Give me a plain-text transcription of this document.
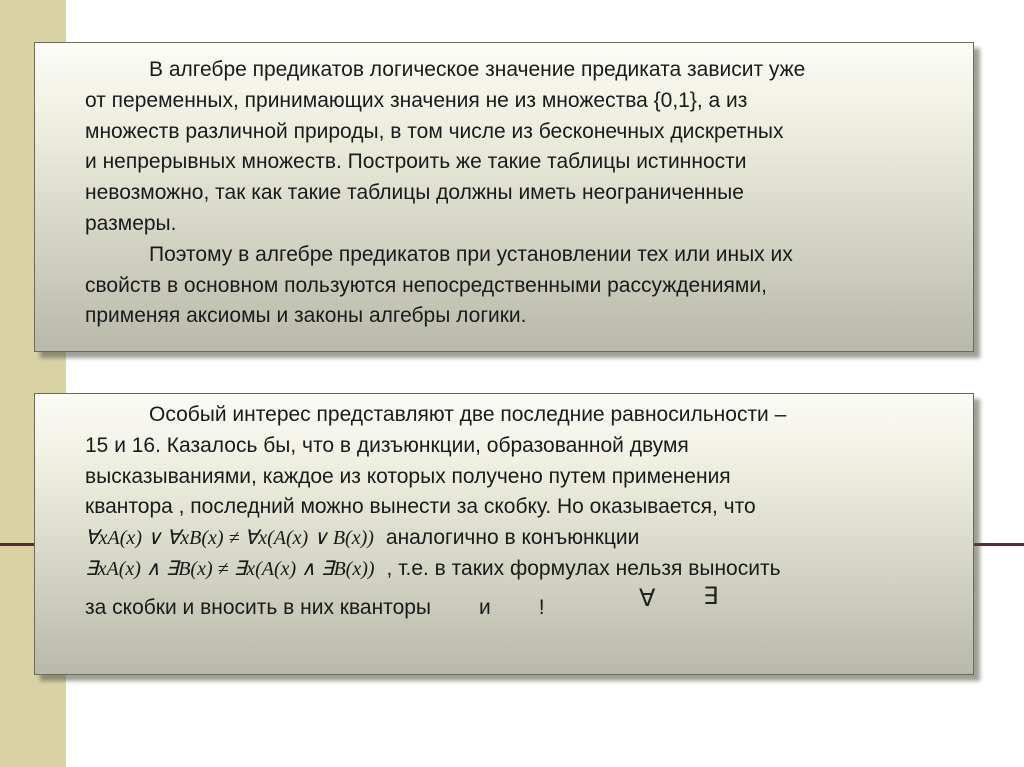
В алгебре предикатов логическое значение предиката зависит уже
от переменных, принимающих значения не из множества {0,1}, а из
множеств различной природы, в том числе из бесконечных дискретных
и непрерывных множеств. Построить же такие таблицы истинности
невозможно, так как такие таблицы должны иметь неограниченные
размеры.
Поэтому в алгебре предикатов при установлении тех или иных их
свойств в основном пользуются непосредственными рассуждениями,
применяя аксиомы и законы алгебры логики.
Особый интерес представляют две последние равносильности –
15 и 16. Казалось бы, что в дизъюнкции, образованной двумя
высказываниями, каждое из которых получено путем применения
квантора , последний можно вынести за скобку. Но оказывается, что
∀xA(x) ∨ ∀xB(x) ≠ ∀x(A(x) ∨ B(x)) аналогично в конъюнкции
∃xA(x) ∧ ∃B(x) ≠ ∃x(A(x) ∧ ∃B(x)) , т.е. в таких формулах нельзя выносить
за скобки и вносить в них кванторы и !	∀ ∃
